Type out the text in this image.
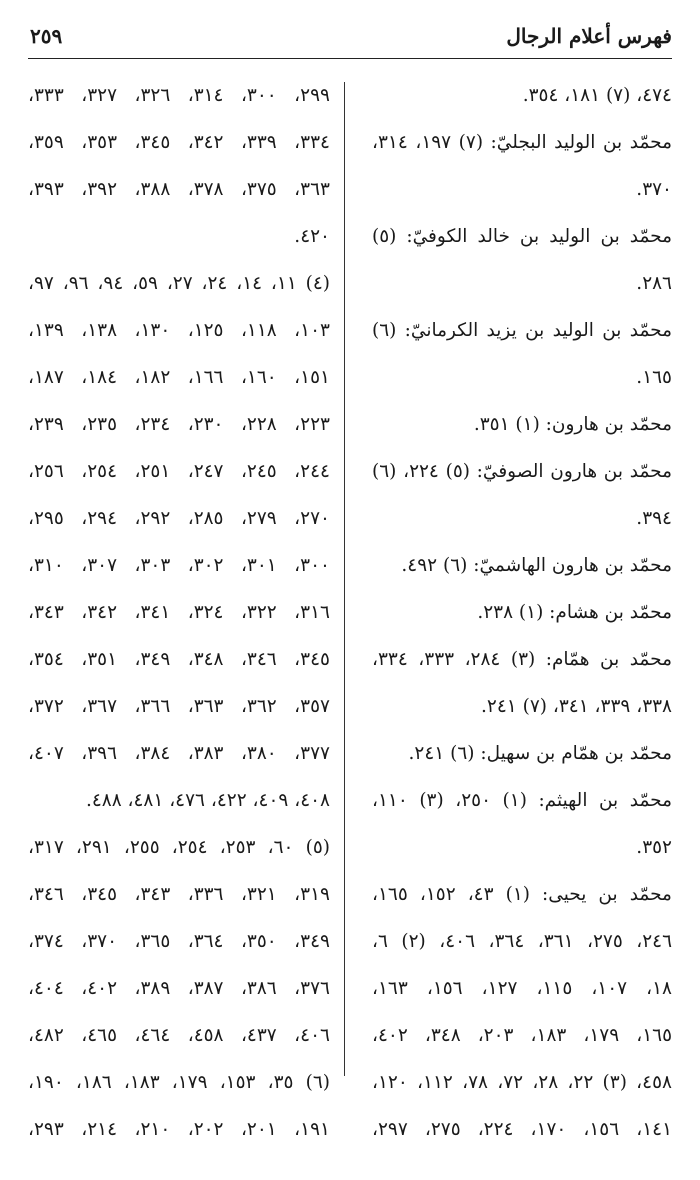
فهرس أعلام الرجال
٢٥٩
٤٧٤، (٧) ١٨١، ٣٥٤.
محمّد بن الوليد البجليّ: (٧) ١٩٧، ٣١٤،
٣٧٠.
محمّد بن الوليد بن خالد الكوفيّ: (٥)
٢٨٦.
محمّد بن الوليد بن يزيد الكرمانيّ: (٦)
١٦٥.
محمّد بن هارون: (١) ٣٥١.
محمّد بن هارون الصوفيّ: (٥) ٢٢٤، (٦)
٣٩٤.
محمّد بن هارون الهاشميّ: (٦) ٤٩٢.
محمّد بن هشام: (١) ٢٣٨.
محمّد بن همّام: (٣) ٢٨٤، ٣٣٣، ٣٣٤،
٣٣٨، ٣٣٩، ٣٤١، (٧) ٢٤١.
محمّد بن همّام بن سهيل: (٦) ٢٤١.
محمّد بن الهيثم: (١) ٢٥٠، (٣) ١١٠،
٣٥٢.
محمّد بن يحيى: (١) ٤٣، ١٥٢، ١٦٥،
٢٤٦، ٢٧٥، ٣٦١، ٣٦٤، ٤٠٦، (٢) ٦،
١٨، ١٠٧، ١١٥، ١٢٧، ١٥٦، ١٦٣،
١٦٥، ١٧٩، ١٨٣، ٢٠٣، ٣٤٨، ٤٠٢،
٤٥٨، (٣) ٢٢، ٢٨، ٧٢، ٧٨، ١١٢، ١٢٠،
١٤١، ١٥٦، ١٧٠، ٢٢٤، ٢٧٥، ٢٩٧،
٢٩٩، ٣٠٠، ٣١٤، ٣٢٦، ٣٢٧، ٣٣٣،
٣٣٤، ٣٣٩، ٣٤٢، ٣٤٥، ٣٥٣، ٣٥٩،
٣٦٣، ٣٧٥، ٣٧٨، ٣٨٨، ٣٩٢، ٣٩٣،
٤٢٠.
(٤) ١١، ١٤، ٢٤، ٢٧، ٥٩، ٩٤، ٩٦، ٩٧،
١٠٣، ١١٨، ١٢٥، ١٣٠، ١٣٨، ١٣٩،
١٥١، ١٦٠، ١٦٦، ١٨٢، ١٨٤، ١٨٧،
٢٢٣، ٢٢٨، ٢٣٠، ٢٣٤، ٢٣٥، ٢٣٩،
٢٤٤، ٢٤٥، ٢٤٧، ٢٥١، ٢٥٤، ٢٥٦،
٢٧٠، ٢٧٩، ٢٨٥، ٢٩٢، ٢٩٤، ٢٩٥،
٣٠٠، ٣٠١، ٣٠٢، ٣٠٣، ٣٠٧، ٣١٠،
٣١٦، ٣٢٢، ٣٢٤، ٣٤١، ٣٤٢، ٣٤٣،
٣٤٥، ٣٤٦، ٣٤٨، ٣٤٩، ٣٥١، ٣٥٤،
٣٥٧، ٣٦٢، ٣٦٣، ٣٦٦، ٣٦٧، ٣٧٢،
٣٧٧، ٣٨٠، ٣٨٣، ٣٨٤، ٣٩٦، ٤٠٧،
٤٠٨، ٤٠٩، ٤٢٢، ٤٧٦، ٤٨١، ٤٨٨.
(٥) ٦٠، ٢٥٣، ٢٥٤، ٢٥٥، ٢٩١، ٣١٧،
٣١٩، ٣٢١، ٣٣٦، ٣٤٣، ٣٤٥، ٣٤٦،
٣٤٩، ٣٥٠، ٣٦٤، ٣٦٥، ٣٧٠، ٣٧٤،
٣٧٦، ٣٨٦، ٣٨٧، ٣٨٩، ٤٠٢، ٤٠٤،
٤٠٦، ٤٣٧، ٤٥٨، ٤٦٤، ٤٦٥، ٤٨٢،
(٦) ٣٥، ١٥٣، ١٧٩، ١٨٣، ١٨٦، ١٩٠،
١٩١، ٢٠١، ٢٠٢، ٢١٠، ٢١٤، ٢٩٣،
